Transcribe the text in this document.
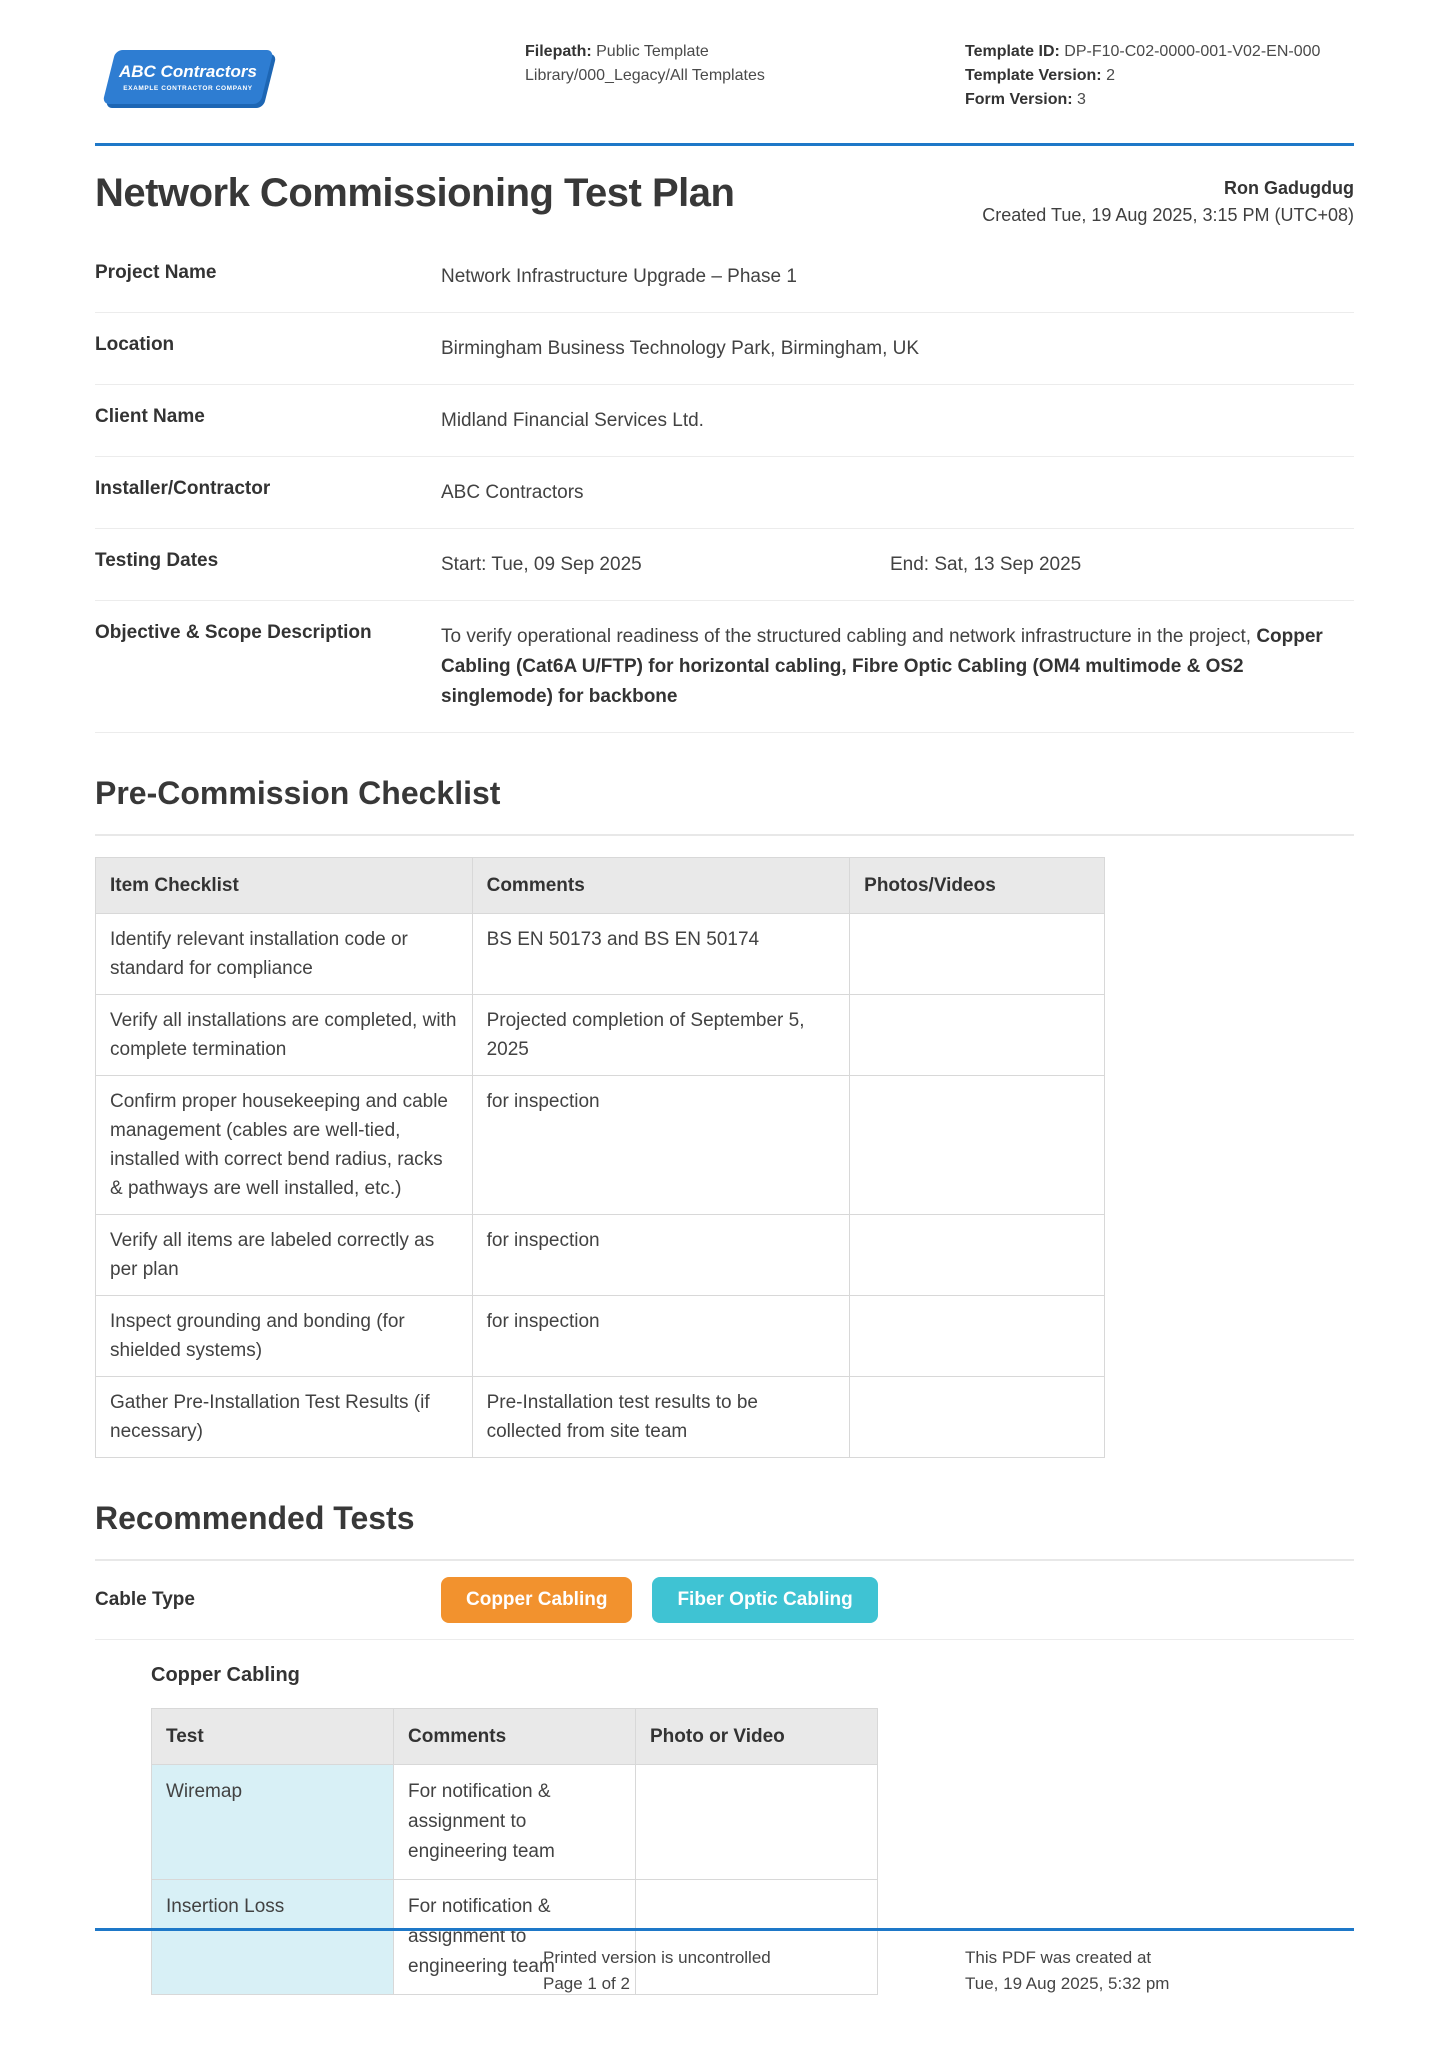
ABC Contractors
EXAMPLE CONTRACTOR COMPANY
Filepath: Public Template Library/000_Legacy/All Templates
Template ID: DP-F10-C02-0000-001-V02-EN-000
Template Version: 2
Form Version: 3
Network Commissioning Test Plan	Ron Gadugdug
Created Tue, 19 Aug 2025, 3:15 PM (UTC+08)
Project Name	Network Infrastructure Upgrade – Phase 1
Location	Birmingham Business Technology Park, Birmingham, UK
Client Name	Midland Financial Services Ltd.
Installer/Contractor	ABC Contractors
Testing Dates	Start: Tue, 09 Sep 2025	End: Sat, 13 Sep 2025
Objective & Scope Description	To verify operational readiness of the structured cabling and network infrastructure in the project, Copper Cabling (Cat6A U/FTP) for horizontal cabling, Fibre Optic Cabling (OM4 multimode & OS2 singlemode) for backbone
Pre-Commission Checklist
Item Checklist	Comments	Photos/Videos
Identify relevant installation code or standard for compliance	BS EN 50173 and BS EN 50174	
Verify all installations are completed, with complete termination	Projected completion of September 5, 2025	
Confirm proper housekeeping and cable management (cables are well-tied, installed with correct bend radius, racks & pathways are well installed, etc.)	for inspection	
Verify all items are labeled correctly as per plan	for inspection	
Inspect grounding and bonding (for shielded systems)	for inspection	
Gather Pre-Installation Test Results (if necessary)	Pre-Installation test results to be collected from site team	
Recommended Tests
Cable Type	Copper Cabling	Fiber Optic Cabling
Copper Cabling
Test	Comments	Photo or Video
Wiremap	For notification & assignment to engineering team	
Insertion Loss	For notification & assignment to engineering team	
Printed version is uncontrolled
Page 1 of 2
This PDF was created at
Tue, 19 Aug 2025, 5:32 pm
